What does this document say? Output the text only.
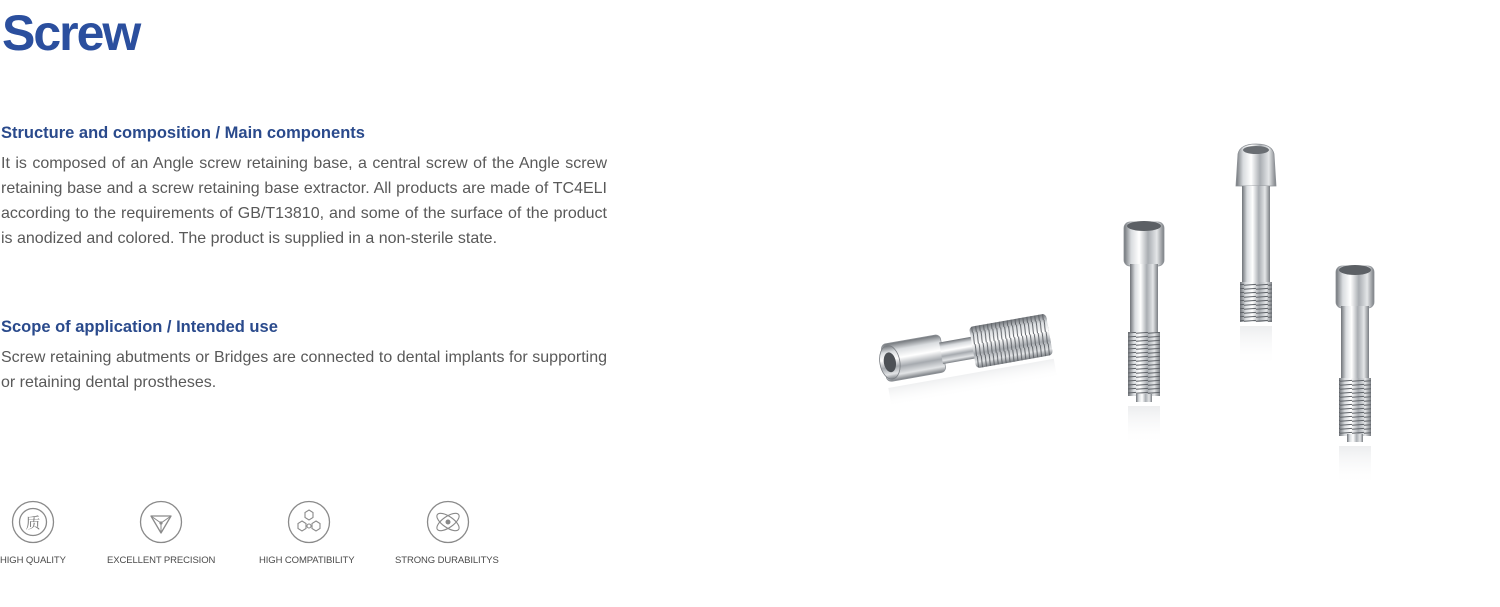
Screw
Structure and composition / Main components

It is composed of an Angle screw retaining base, a central screw of the Angle screw retaining base and a screw retaining base extractor. All products are made of TC4ELI according to the requirements of GB/T13810, and some of the surface of the product is anodized and colored. The product is supplied in a non-sterile state.

Scope of application / Intended use

Screw retaining abutments or Bridges are connected to dental implants for supporting or retaining dental prostheses.

质
HIGH QUALITY	EXCELLENT PRECISION	HIGH COMPATIBILITY	STRONG DURABILITYS
